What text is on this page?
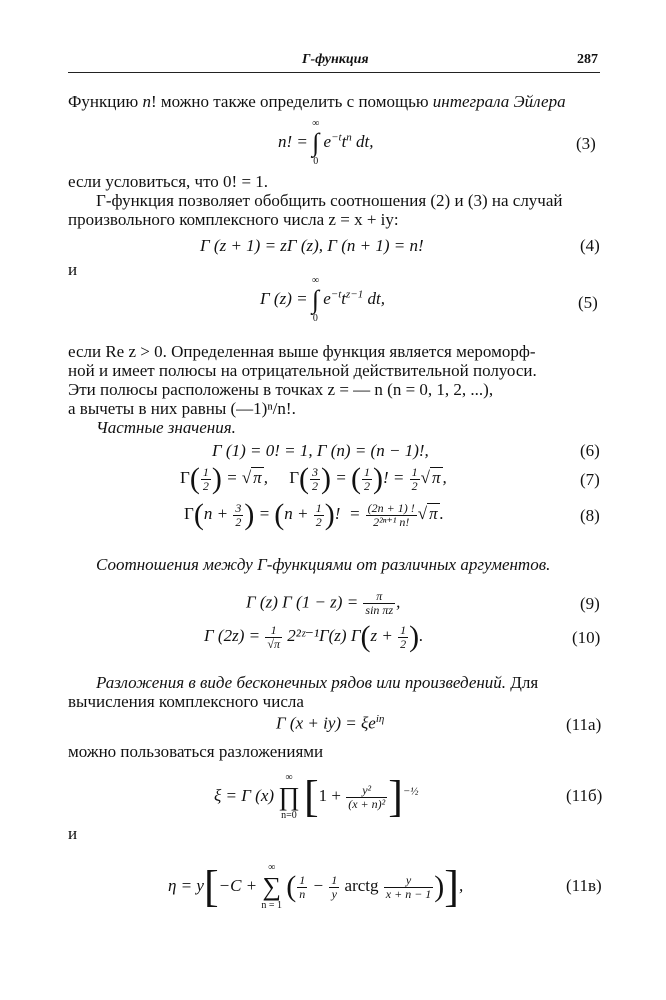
Γ-функция	287
Функцию n! можно также определить с помощью интеграла Эйлера
n! =
∞
∫
0
$e^{-t}t^n$ dt,	(3)
если условиться, что 0! = 1.
Γ-функция позволяет обобщить соотношения (2) и (3) на случай
произвольного комплексного числа z = x + iy:
Γ (z + 1) = zΓ (z), Γ (n + 1) = n!	(4)
и
Γ (z) =
∞
∫
0
$e^{-t}t^{z-1}$ dt,	(5)
если Re z > 0. Определенная выше функция является мероморф-
ной и имеет полюсы на отрицательной действительной полуоси.
Эти полюсы расположены в точках z = — n (n = 0, 1, 2, ...),
а вычеты в них равны (—1)ⁿ/n!.
Частные значения.
Γ (1) = 0! = 1, Γ (n) = (n − 1)!,	(6)
$\Gamma( \frac{1}{2}$ ) = √ π ,     $\Gamma( \frac{3}{2}$ ) = ( $\frac{1}{2}$ )! = $\frac{1}{2}$ √ π ,	(7)
$\Gamma(n + \frac{3}{2}$ ) = ($n + \frac{1}{2}$ )!  = $\frac{(2n + 1) !}{\text{2²ⁿ⁺¹ n!}}$ √ π .	(8)
Соотношения между Γ-функциями от различных аргументов.
Γ (z) Γ $(1 - z) = \frac{\pi}{\text{sin πz}}$ ,	(9)
Γ $(2z) = \frac{1}{√\pi}$ 2²ᶻ⁻¹Γ(z) $\Gamma(z + \frac{1}{2}$ ).	(10)
Разложения в виде бесконечных рядов или произведений. Для
вычисления комплексного числа
Γ $(x + iy) = \xi e^{i\eta}$	(11а)
можно пользоваться разложениями
ξ = Γ (x)
∞
∏
n=0 $[1 + \frac{\text{y²}}{\text{(x + n)²}} ]^{-\frac{1}{2}}$	(11б)
и
η = y[−C +
∞
∑
n = 1
( $\frac{1}{n} - \frac{1}{y}$ arctg $\frac{y}{x + n - 1}$ )],	(11в)
